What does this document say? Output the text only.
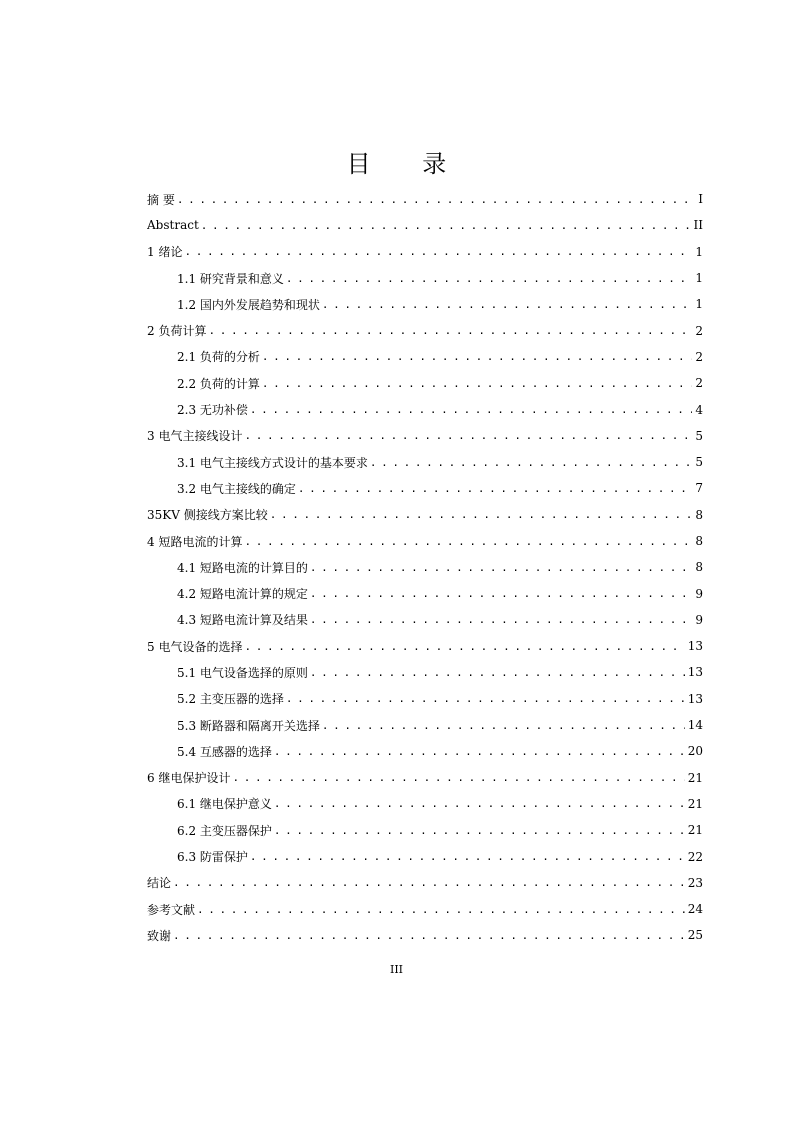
目 录
摘 要 . . .	I
Abstract . . .	II
1 绪论 . . .	1
1.1 研究背景和意义 . . .	1
1.2 国内外发展趋势和现状 . . .	1
2 负荷计算 . . .	2
2.1 负荷的分析 . . .	2
2.2 负荷的计算 . . .	2
2.3 无功补偿 . . .	4
3 电气主接线设计 . . .	5
3.1 电气主接线方式设计的基本要求 . . .	5
3.2 电气主接线的确定 . . .	7
35KV 侧接线方案比较 . . .	8
4 短路电流的计算 . . .	8
4.1 短路电流的计算目的 . . .	8
4.2 短路电流计算的规定 . . .	9
4.3 短路电流计算及结果 . . .	9
5 电气设备的选择 . . .	13
5.1 电气设备选择的原则 . . .	13
5.2 主变压器的选择 . . .	13
5.3 断路器和隔离开关选择 . . .	14
5.4 互感器的选择 . . .	20
6 继电保护设计 . . .	21
6.1 继电保护意义 . . .	21
6.2 主变压器保护 . . .	21
6.3 防雷保护 . . .	22
结论 . . .	23
参考文献 . . .	24
致谢 . . .	25
III
